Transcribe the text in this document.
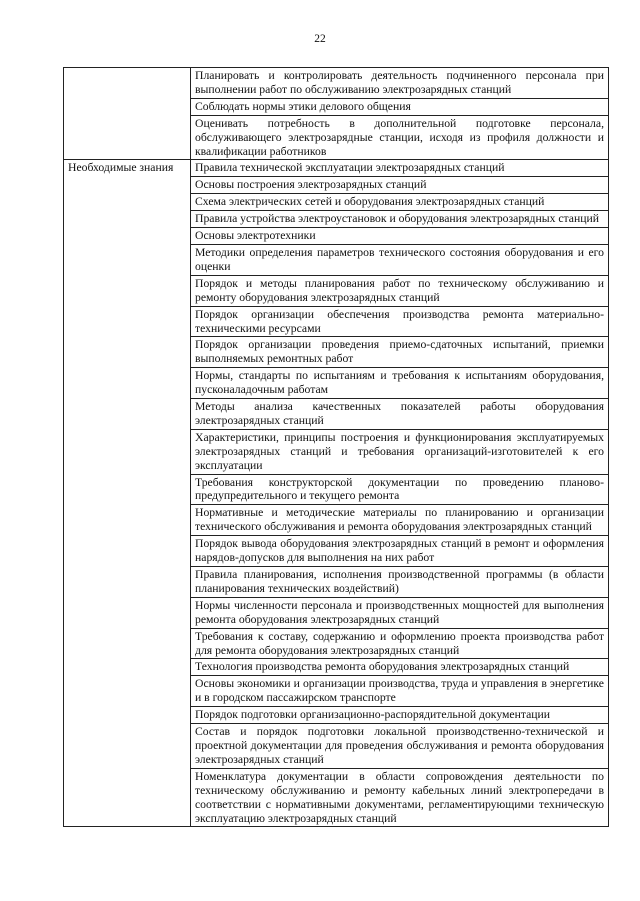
22
	Планировать и контролировать деятельность подчиненного персонала при выполнении работ по обслуживанию электрозарядных станций
	Соблюдать нормы этики делового общения
	Оценивать потребность в дополнительной подготовке персонала, обслуживающего электрозарядные станции, исходя из профиля должности и квалификации работников
Необходимые знания	Правила технической эксплуатации электрозарядных станций
	Основы построения электрозарядных станций
	Схема электрических сетей и оборудования электрозарядных станций
	Правила устройства электроустановок и оборудования электрозарядных станций
	Основы электротехники
	Методики определения параметров технического состояния оборудования и его оценки
	Порядок и методы планирования работ по техническому обслуживанию и ремонту оборудования электрозарядных станций
	Порядок организации обеспечения производства ремонта материально-техническими ресурсами
	Порядок организации проведения приемо-сдаточных испытаний, приемки выполняемых ремонтных работ
	Нормы, стандарты по испытаниям и требования к испытаниям оборудования, пусконаладочным работам
	Методы анализа качественных показателей работы оборудования электрозарядных станций
	Характеристики, принципы построения и функционирования эксплуатируемых электрозарядных станций и требования организаций-изготовителей к его эксплуатации
	Требования конструкторской документации по проведению планово-предупредительного и текущего ремонта
	Нормативные и методические материалы по планированию и организации технического обслуживания и ремонта оборудования электрозарядных станций
	Порядок вывода оборудования электрозарядных станций в ремонт и оформления нарядов-допусков для выполнения на них работ
	Правила планирования, исполнения производственной программы (в области планирования технических воздействий)
	Нормы численности персонала и производственных мощностей для выполнения ремонта оборудования электрозарядных станций
	Требования к составу, содержанию и оформлению проекта производства работ для ремонта оборудования электрозарядных станций
	Технология производства ремонта оборудования электрозарядных станций
	Основы экономики и организации производства, труда и управления в энергетике и в городском пассажирском транспорте
	Порядок подготовки организационно-распорядительной документации
	Состав и порядок подготовки локальной производственно-технической и проектной документации для проведения обслуживания и ремонта оборудования электрозарядных станций
	Номенклатура документации в области сопровождения деятельности по техническому обслуживанию и ремонту кабельных линий электропередачи в соответствии с нормативными документами, регламентирующими техническую эксплуатацию электрозарядных станций
